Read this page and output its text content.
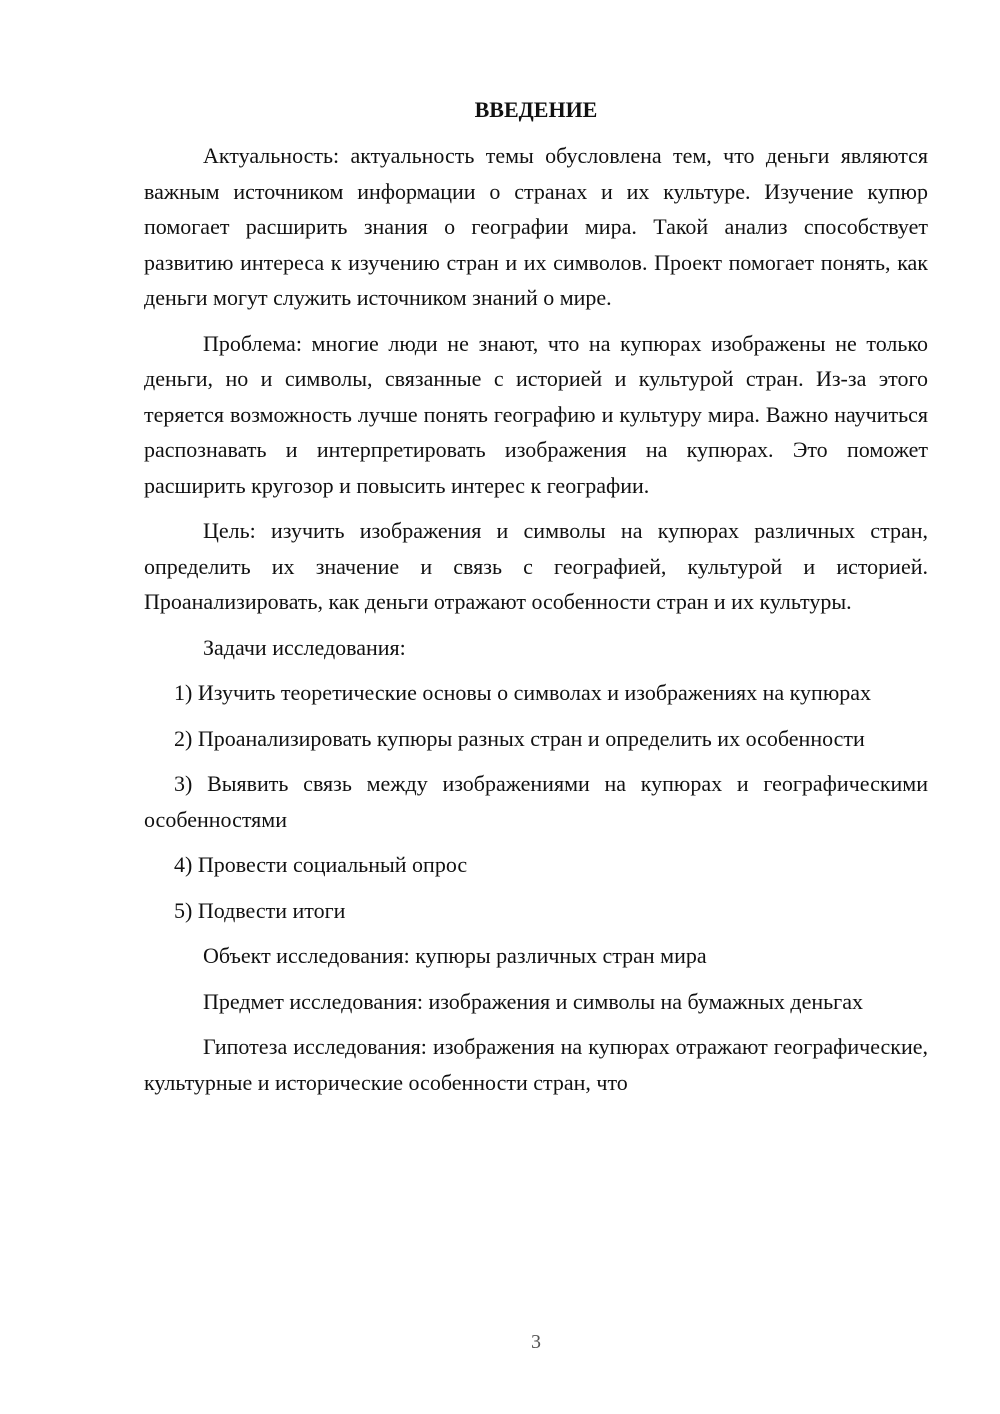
ВВЕДЕНИЕ

Актуальность: актуальность темы обусловлена тем, что деньги являются важным источником информации о странах и их культуре. Изучение купюр помогает расширить знания о географии мира. Такой анализ способствует развитию интереса к изучению стран и их символов. Проект помогает понять, как деньги могут служить источником знаний о мире.

Проблема: многие люди не знают, что на купюрах изображены не только деньги, но и символы, связанные с историей и культурой стран. Из-за этого теряется возможность лучше понять географию и культуру мира. Важно научиться распознавать и интерпретировать изображения на купюрах. Это поможет расширить кругозор и повысить интерес к географии.

Цель: изучить изображения и символы на купюрах различных стран, определить их значение и связь с географией, культурой и историей. Проанализировать, как деньги отражают особенности стран и их культуры.

Задачи исследования:

1) Изучить теоретические основы о символах и изображениях на купюрах

2) Проанализировать купюры разных стран и определить их особенности

3) Выявить связь между изображениями на купюрах и географическими особенностями

4) Провести социальный опрос

5) Подвести итоги

Объект исследования: купюры различных стран мира

Предмет исследования: изображения и символы на бумажных деньгах

Гипотеза исследования: изображения на купюрах отражают географические, культурные и исторические особенности стран, что

3
